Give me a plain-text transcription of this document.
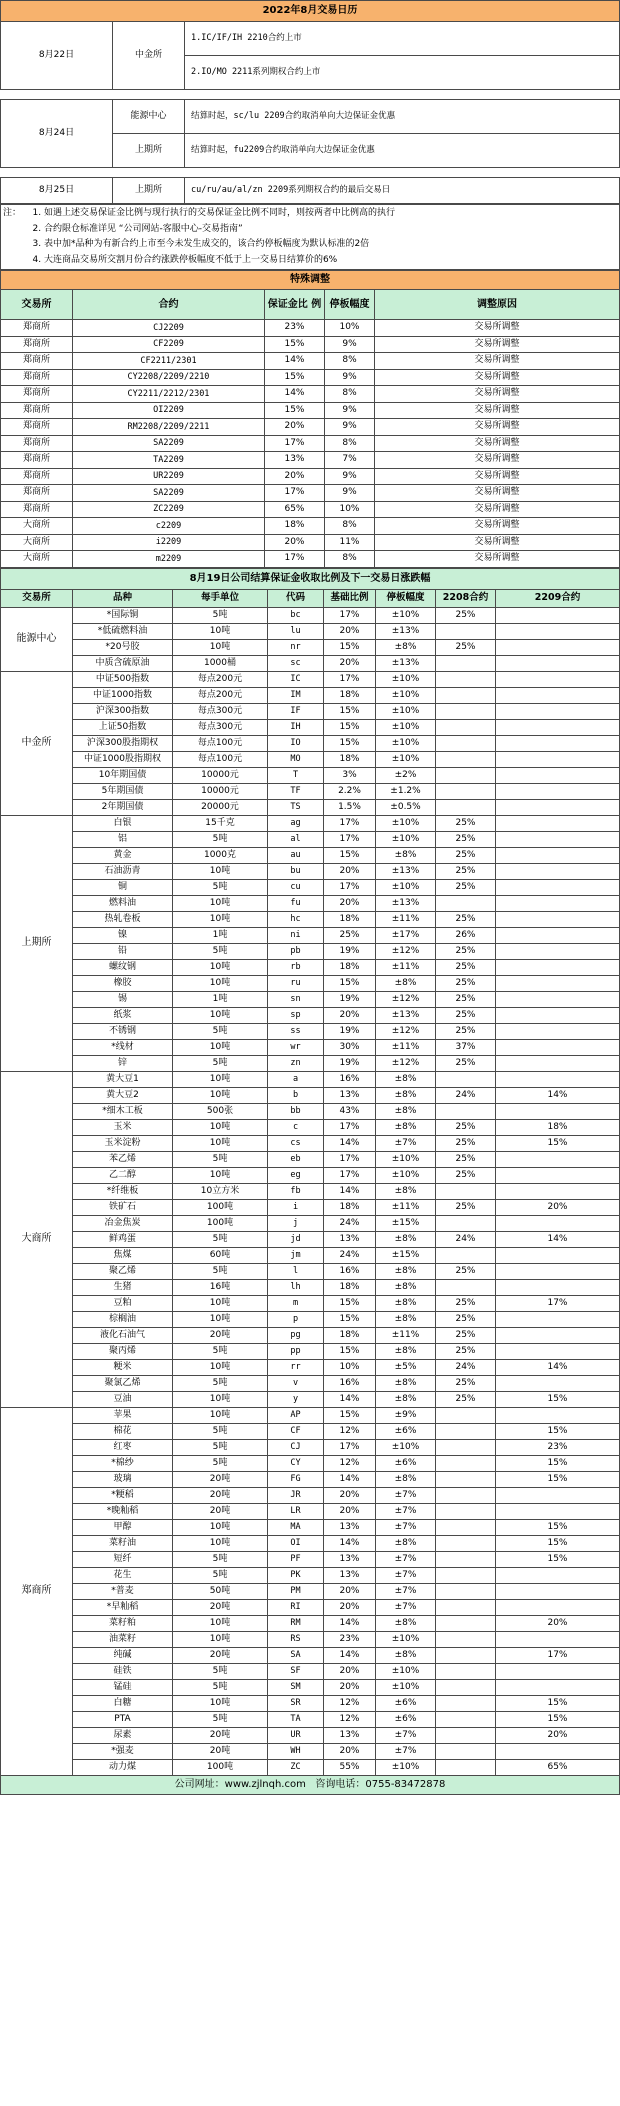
2022年8月交易日历		
8月22日	中金所	1.IC/IF/IH 2210合约上市
		2.IO/MO 2211系列期权合约上市

8月24日	能源中心	结算时起，sc/lu 2209合约取消单向大边保证金优惠
	上期所	结算时起，fu2209合约取消单向大边保证金优惠

8月25日	上期所	cu/ru/au/al/zn 2209系列期权合约的最后交易日
注：	1. 如遇上述交易保证金比例与现行执行的交易保证金比例不同时，则按两者中比例高的执行
	2. 合约限仓标准详见 “公司网站-客服中心-交易指南”
	3. 表中加*品种为有新合约上市至今未发生成交的，该合约停板幅度为默认标准的2倍
	4. 大连商品交易所交割月份合约涨跌停板幅度不低于上一交易日结算价的6%
特殊调整				
交易所	合约	保证金比 例	停板幅度	调整原因
郑商所	CJ2209	23%	10%	交易所调整
郑商所	CF2209	15%	9%	交易所调整
郑商所	CF2211/2301	14%	8%	交易所调整
郑商所	CY2208/2209/2210	15%	9%	交易所调整
郑商所	CY2211/2212/2301	14%	8%	交易所调整
郑商所	OI2209	15%	9%	交易所调整
郑商所	RM2208/2209/2211	20%	9%	交易所调整
郑商所	SA2209	17%	8%	交易所调整
郑商所	TA2209	13%	7%	交易所调整
郑商所	UR2209	20%	9%	交易所调整
郑商所	SA2209	17%	9%	交易所调整
郑商所	ZC2209	65%	10%	交易所调整
大商所	c2209	18%	8%	交易所调整
大商所	i2209	20%	11%	交易所调整
大商所	m2209	17%	8%	交易所调整
8月19日公司结算保证金收取比例及下一交易日涨跌幅							
交易所	品种	每手单位	代码	基础比例	停板幅度	2208合约	2209合约
能源中心	*国际铜	5吨	bc	17%	±10%	25%	
	*低硫燃料油	10吨	lu	20%	±13%		
	*20号胶	10吨	nr	15%	±8%	25%	
	中质含硫原油	1000桶	sc	20%	±13%		
中金所	中证500指数	每点200元	IC	17%	±10%		
	中证1000指数	每点200元	IM	18%	±10%		
	沪深300指数	每点300元	IF	15%	±10%		
	上证50指数	每点300元	IH	15%	±10%		
	沪深300股指期权	每点100元	IO	15%	±10%		
	中证1000股指期权	每点100元	MO	18%	±10%		
	10年期国债	10000元	T	3%	±2%		
	5年期国债	10000元	TF	2.2%	±1.2%		
	2年期国债	20000元	TS	1.5%	±0.5%		
上期所	白银	15千克	ag	17%	±10%	25%	
	铝	5吨	al	17%	±10%	25%	
	黄金	1000克	au	15%	±8%	25%	
	石油沥青	10吨	bu	20%	±13%	25%	
	铜	5吨	cu	17%	±10%	25%	
	燃料油	10吨	fu	20%	±13%		
	热轧卷板	10吨	hc	18%	±11%	25%	
	镍	1吨	ni	25%	±17%	26%	
	铅	5吨	pb	19%	±12%	25%	
	螺纹钢	10吨	rb	18%	±11%	25%	
	橡胶	10吨	ru	15%	±8%	25%	
	锡	1吨	sn	19%	±12%	25%	
	纸浆	10吨	sp	20%	±13%	25%	
	不锈钢	5吨	ss	19%	±12%	25%	
	*线材	10吨	wr	30%	±11%	37%	
	锌	5吨	zn	19%	±12%	25%	
大商所	黄大豆1	10吨	a	16%	±8%		
	黄大豆2	10吨	b	13%	±8%	24%	14%
	*细木工板	500张	bb	43%	±8%		
	玉米	10吨	c	17%	±8%	25%	18%
	玉米淀粉	10吨	cs	14%	±7%	25%	15%
	苯乙烯	5吨	eb	17%	±10%	25%	
	乙二醇	10吨	eg	17%	±10%	25%	
	*纤维板	10立方米	fb	14%	±8%		
	铁矿石	100吨	i	18%	±11%	25%	20%
	冶金焦炭	100吨	j	24%	±15%		
	鲜鸡蛋	5吨	jd	13%	±8%	24%	14%
	焦煤	60吨	jm	24%	±15%		
	聚乙烯	5吨	l	16%	±8%	25%	
	生猪	16吨	lh	18%	±8%		
	豆粕	10吨	m	15%	±8%	25%	17%
	棕榈油	10吨	p	15%	±8%	25%	
	液化石油气	20吨	pg	18%	±11%	25%	
	聚丙烯	5吨	pp	15%	±8%	25%	
	粳米	10吨	rr	10%	±5%	24%	14%
	聚氯乙烯	5吨	v	16%	±8%	25%	
	豆油	10吨	y	14%	±8%	25%	15%
郑商所	苹果	10吨	AP	15%	±9%		
	棉花	5吨	CF	12%	±6%		15%
	红枣	5吨	CJ	17%	±10%		23%
	*棉纱	5吨	CY	12%	±6%		15%
	玻璃	20吨	FG	14%	±8%		15%
	*粳稻	20吨	JR	20%	±7%		
	*晚籼稻	20吨	LR	20%	±7%		
	甲醇	10吨	MA	13%	±7%		15%
	菜籽油	10吨	OI	14%	±8%		15%
	短纤	5吨	PF	13%	±7%		15%
	花生	5吨	PK	13%	±7%		
	*普麦	50吨	PM	20%	±7%		
	*早籼稻	20吨	RI	20%	±7%		
	菜籽粕	10吨	RM	14%	±8%		20%
	油菜籽	10吨	RS	23%	±10%		
	纯碱	20吨	SA	14%	±8%		17%
	硅铁	5吨	SF	20%	±10%		
	锰硅	5吨	SM	20%	±10%		
	白糖	10吨	SR	12%	±6%		15%
	PTA	5吨	TA	12%	±6%		15%
	尿素	20吨	UR	13%	±7%		20%
	*强麦	20吨	WH	20%	±7%		
	动力煤	100吨	ZC	55%	±10%		65%
公司网址：www.zjlnqh.com 咨询电话：0755-83472878							
